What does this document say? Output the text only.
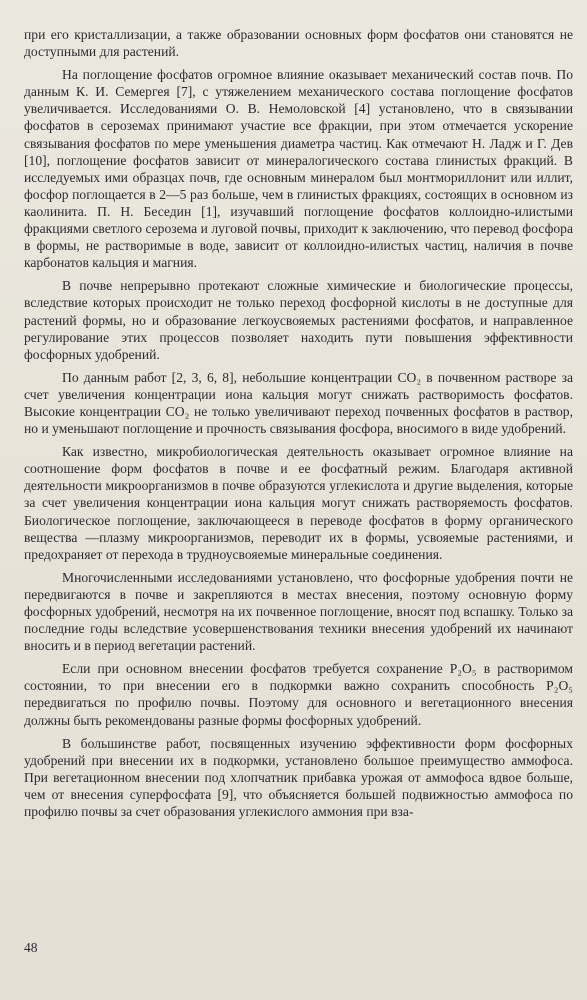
при его кристаллизации, а также образовании основных форм фосфатов они становятся не доступными для растений.

На поглощение фосфатов огромное влияние оказывает механический состав почв. По данным К. И. Семергея [7], с утяжелением механического состава поглощение фосфатов увеличивается. Исследованиями О. В. Немоловской [4] установлено, что в связывании фосфатов в сероземах принимают участие все фракции, при этом отмечается ускорение связывания фосфатов по мере уменьшения диаметра частиц. Как отмечают Н. Ладж и Г. Дев [10], поглощение фосфатов зависит от минералогического состава глинистых фракций. В исследуемых ими образцах почв, где основным минералом был монтмориллонит или иллит, фосфор поглощается в 2—5 раз больше, чем в глинистых фракциях, состоящих в основном из каолинита. П. Н. Беседин [1], изучавший поглощение фосфатов коллоидно-илистыми фракциями светлого серозема и луговой почвы, приходит к заключению, что перевод фосфора в формы, не растворимые в воде, зависит от коллоидно-илистых частиц, наличия в почве карбонатов кальция и магния.

В почве непрерывно протекают сложные химические и биологические процессы, вследствие которых происходит не только переход фосфорной кислоты в не доступные для растений формы, но и образование легкоусвояемых растениями фосфатов, и направленное регулирование этих процессов позволяет находить пути повышения эффективности фосфорных удобрений.

По данным работ [2, 3, 6, 8], небольшие концентрации CO₂ в почвенном растворе за счет увеличения концентрации иона кальция могут снижать растворимость фосфатов. Высокие концентрации CO₂ не только увеличивают переход почвенных фосфатов в раствор, но и уменьшают поглощение и прочность связывания фосфора, вносимого в виде удобрений.

Как известно, микробиологическая деятельность оказывает огромное влияние на соотношение форм фосфатов в почве и ее фосфатный режим. Благодаря активной деятельности микроорганизмов в почве образуются углекислота и другие выделения, которые за счет увеличения концентрации иона кальция могут снижать растворяемость фосфатов. Биологическое поглощение, заключающееся в переводе фосфатов в форму органического вещества —плазму микроорганизмов, переводит их в формы, усвояемые растениями, и предохраняет от перехода в трудноусвояемые минеральные соединения.

Многочисленными исследованиями установлено, что фосфорные удобрения почти не передвигаются в почве и закрепляются в местах внесения, поэтому основную форму фосфорных удобрений, несмотря на их почвенное поглощение, вносят под вспашку. Только за последние годы вследствие усовершенствования техники внесения удобрений их начинают вносить и в период вегетации растений.

Если при основном внесении фосфатов требуется сохранение P₂O₅ в растворимом состоянии, то при внесении его в подкормки важно сохранить способность P₂O₅ передвигаться по профилю почвы. Поэтому для основного и вегетационного внесения должны быть рекомендованы разные формы фосфорных удобрений.

В большинстве работ, посвященных изучению эффективности форм фосфорных удобрений при внесении их в подкормки, установлено большое преимущество аммофоса. При вегетационном внесении под хлопчатник прибавка урожая от аммофоса вдвое больше, чем от внесения суперфосфата [9], что объясняется большей подвижностью аммофоса по профилю почвы за счет образования углекислого аммония при вза-

48
